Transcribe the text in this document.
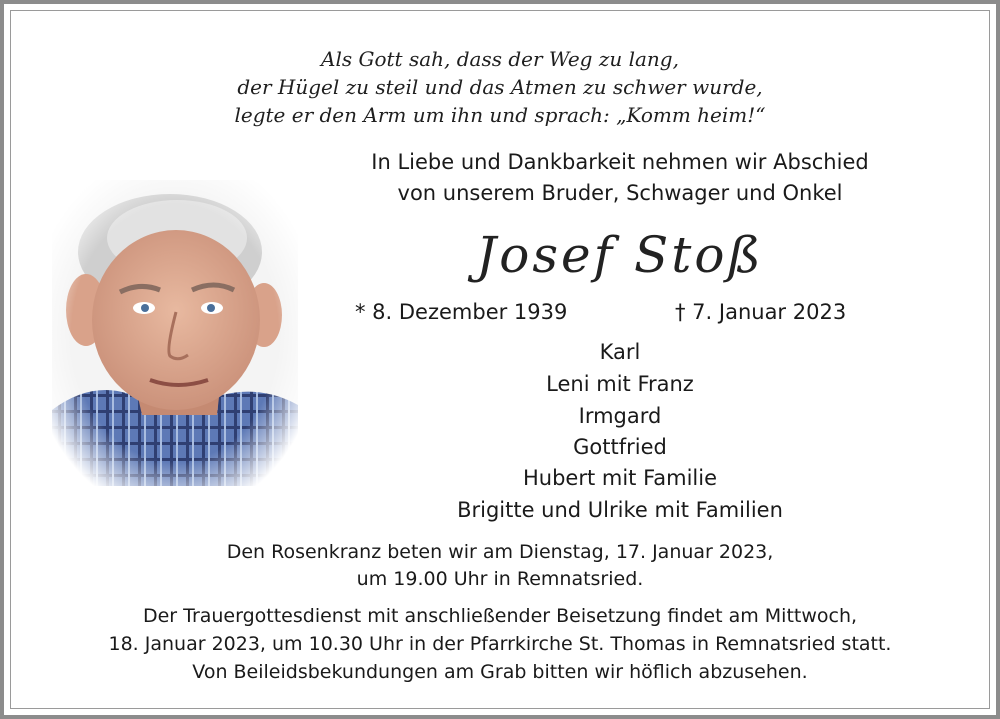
Als Gott sah, dass der Weg zu lang,
der Hügel zu steil und das Atmen zu schwer wurde,
legte er den Arm um ihn und sprach: „Komm heim!“
In Liebe und Dankbarkeit nehmen wir Abschied
von unserem Bruder, Schwager und Onkel
Josef Stoß
* 8. Dezember 1939	† 7. Januar 2023
Karl
Leni mit Franz
Irmgard
Gottfried
Hubert mit Familie
Brigitte und Ulrike mit Familien
Den Rosenkranz beten wir am Dienstag, 17. Januar 2023,
um 19.00 Uhr in Remnatsried.
Der Trauergottesdienst mit anschließender Beisetzung findet am Mittwoch,
18. Januar 2023, um 10.30 Uhr in der Pfarrkirche St. Thomas in Remnatsried statt.
Von Beileidsbekundungen am Grab bitten wir höflich abzusehen.
